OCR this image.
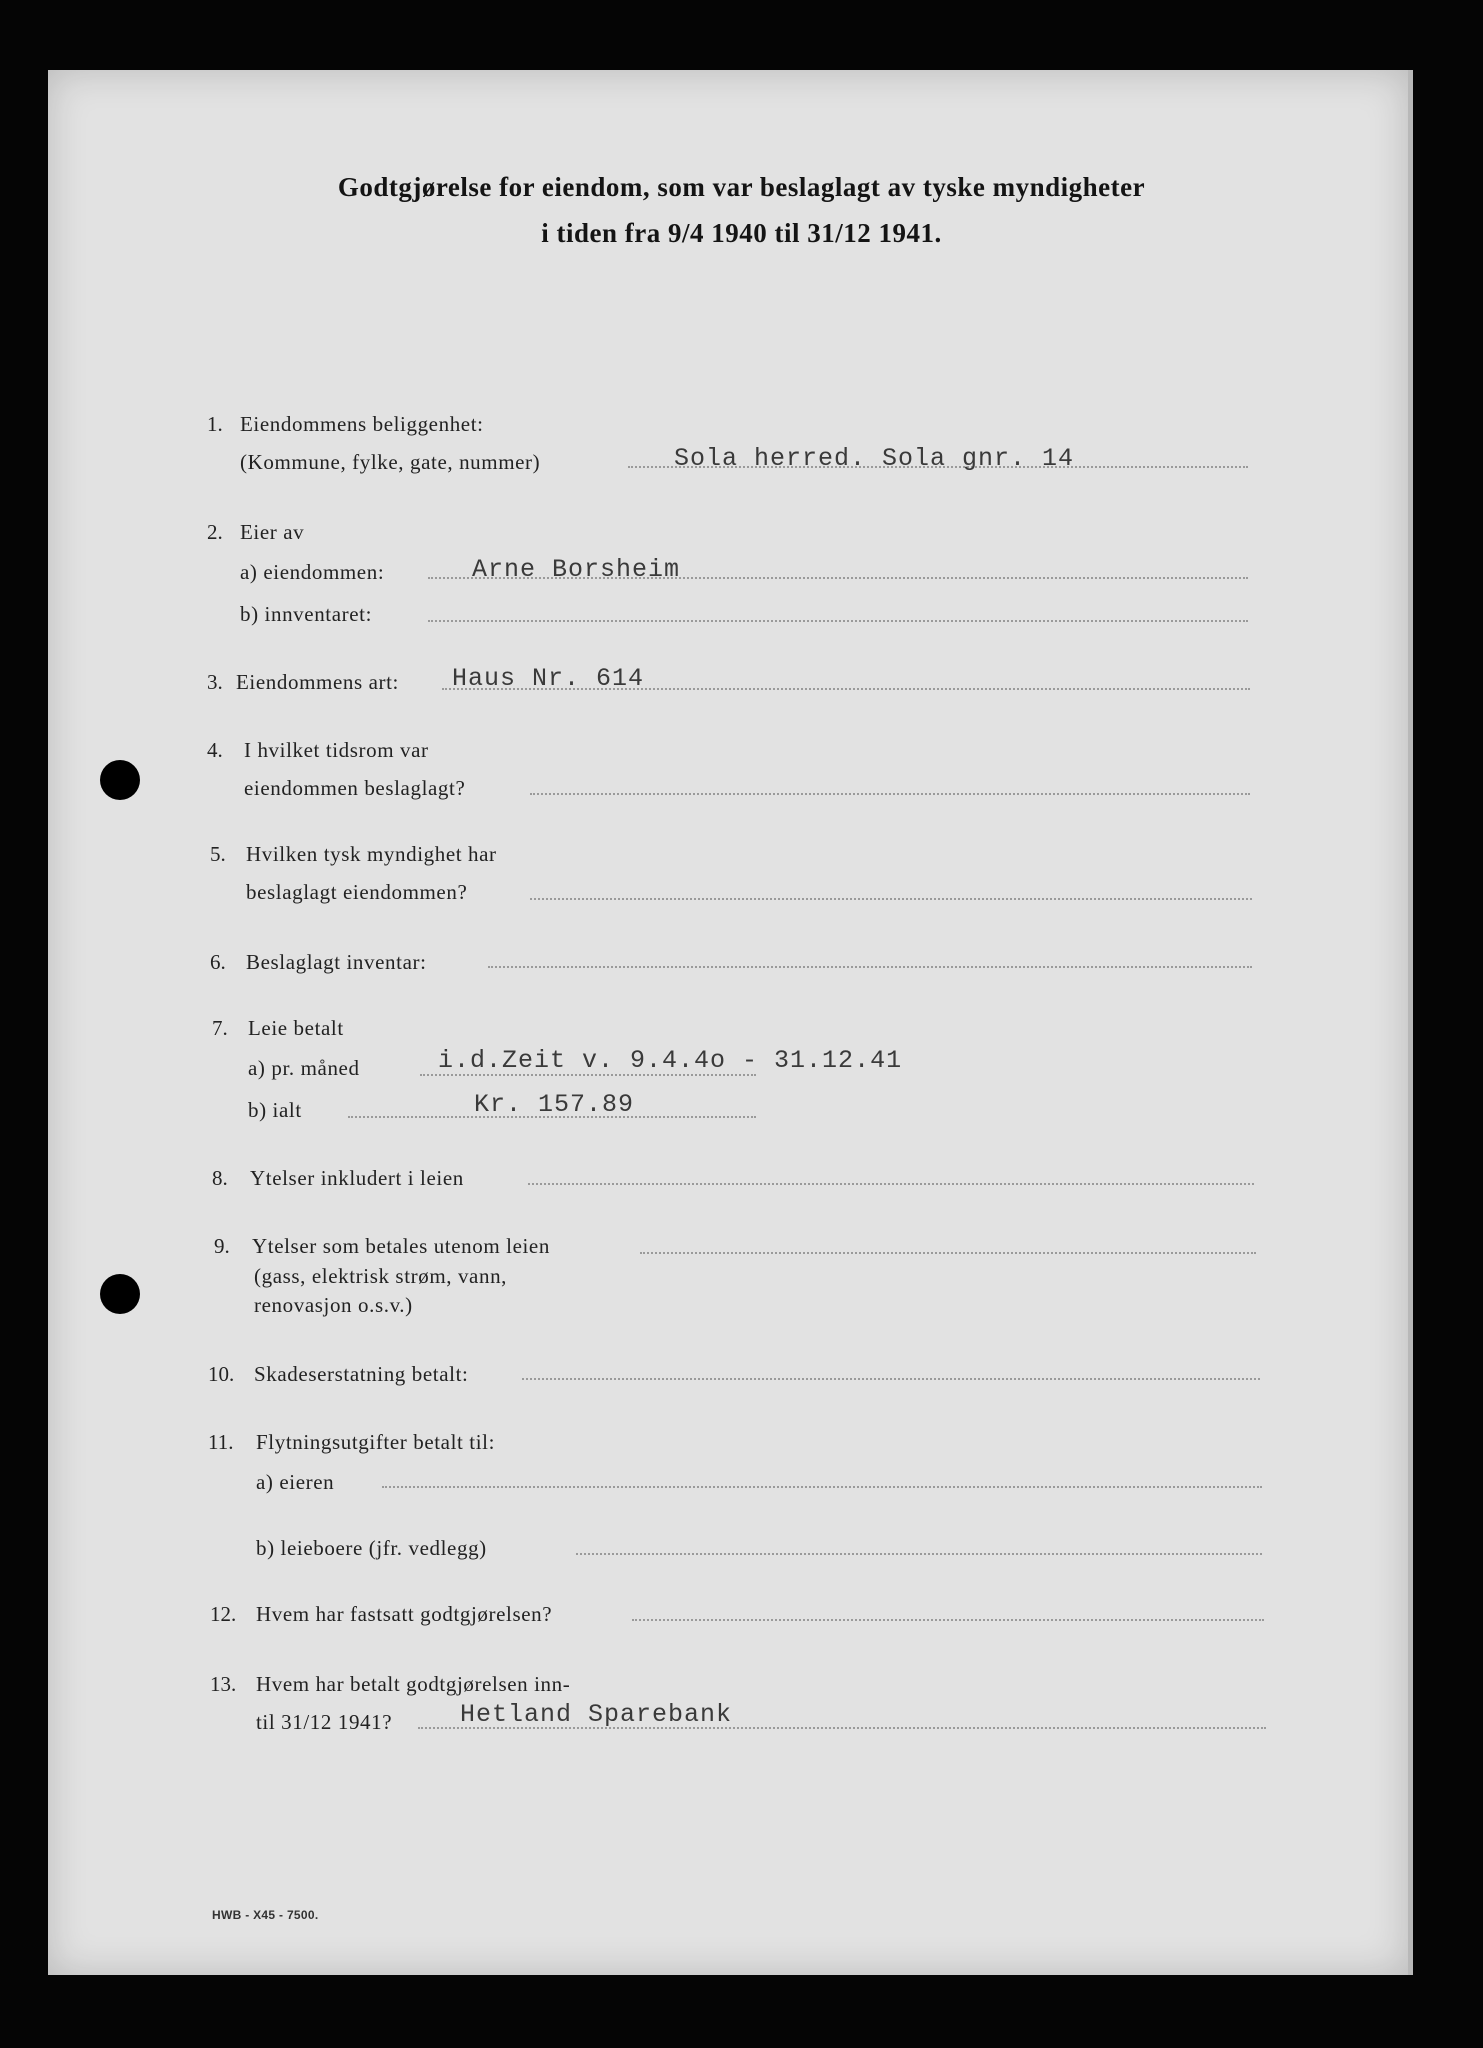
Godtgjørelse for eiendom, som var beslaglagt av tyske myndigheter
i tiden fra 9/4 1940 til 31/12 1941.
1. Eiendommens beliggenhet:
(Kommune, fylke, gate, nummer)	Sola herred. Sola gnr. 14
2. Eier av
a) eiendommen:	Arne Borsheim
b) innventaret:
3. Eiendommens art: Haus Nr. 614
4. I hvilket tidsrom var
eiendommen beslaglagt?
5. Hvilken tysk myndighet har
beslaglagt eiendommen?
6. Beslaglagt inventar:
7. Leie betalt
a) pr. måned	i.d.Zeit v. 9.4.4o - 31.12.41
b) ialt	Kr. 157.89
8. Ytelser inkludert i leien
9. Ytelser som betales utenom leien
(gass, elektrisk strøm, vann,
renovasjon o.s.v.)
10. Skadeserstatning betalt:
11. Flytningsutgifter betalt til:
a) eieren
b) leieboere (jfr. vedlegg)
12. Hvem har fastsatt godtgjørelsen?
13. Hvem har betalt godtgjørelsen inn-
til 31/12 1941?	Hetland Sparebank
HWB - X45 - 7500.
